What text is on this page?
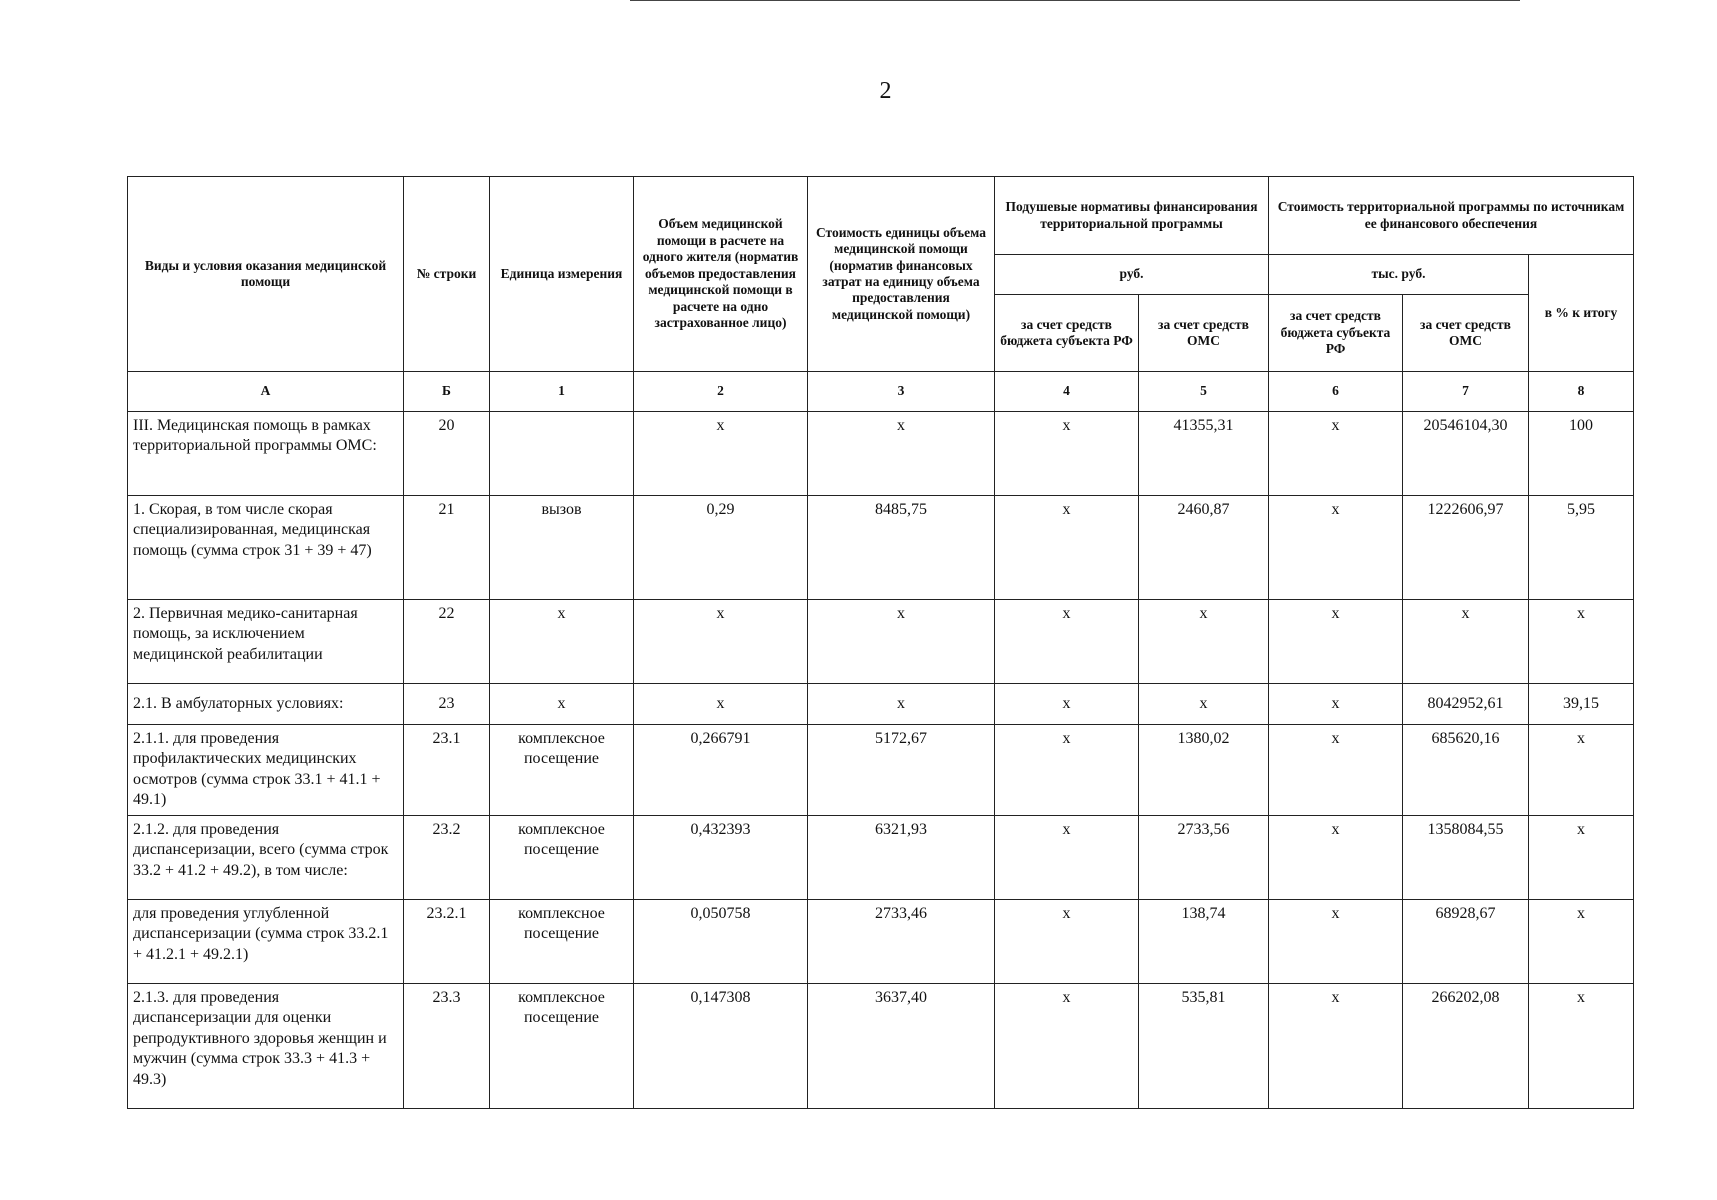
2
Виды и условия оказания медицинской помощи	№ строки	Единица измерения	Объем медицинской помощи в расчете на одного жителя (норматив объемов предоставления медицинской помощи в расчете на одно застрахованное лицо)	Стоимость единицы объема медицинской помощи (норматив финансовых затрат на единицу объема предоставления медицинской помощи)	Подушевые нормативы финансирования территориальной программы		Стоимость территориальной программы по источникам ее финансового обеспечения		
					руб.		тыс. руб.		в % к итогу
					за счет средств бюджета субъекта РФ	за счет средств ОМС	за счет средств бюджета субъекта РФ	за счет средств ОМС	
А	Б	1	2	3	4	5	6	7	8
III. Медицинская помощь в рамках территориальной программы ОМС:	20		х	х	х	41355,31	х	20546104,30	100
1. Скорая, в том числе скорая специализированная, медицинская помощь (сумма строк 31 + 39 + 47)	21	вызов	0,29	8485,75	х	2460,87	х	1222606,97	5,95
2. Первичная медико-санитарная помощь, за исключением медицинской реабилитации	22	х	х	х	х	х	х	х	х
2.1. В амбулаторных условиях:	23	х	х	х	х	х	х	8042952,61	39,15
2.1.1. для проведения профилактических медицинских осмотров (сумма строк 33.1 + 41.1 + 49.1)	23.1	комплексное посещение	0,266791	5172,67	х	1380,02	х	685620,16	х
2.1.2. для проведения диспансеризации, всего (сумма строк 33.2 + 41.2 + 49.2), в том числе:	23.2	комплексное посещение	0,432393	6321,93	х	2733,56	х	1358084,55	х
для проведения углубленной диспансеризации (сумма строк 33.2.1 + 41.2.1 + 49.2.1)	23.2.1	комплексное посещение	0,050758	2733,46	х	138,74	х	68928,67	х
2.1.3. для проведения диспансеризации для оценки репродуктивного здоровья женщин и мужчин (сумма строк 33.3 + 41.3 + 49.3)	23.3	комплексное посещение	0,147308	3637,40	х	535,81	х	266202,08	х
